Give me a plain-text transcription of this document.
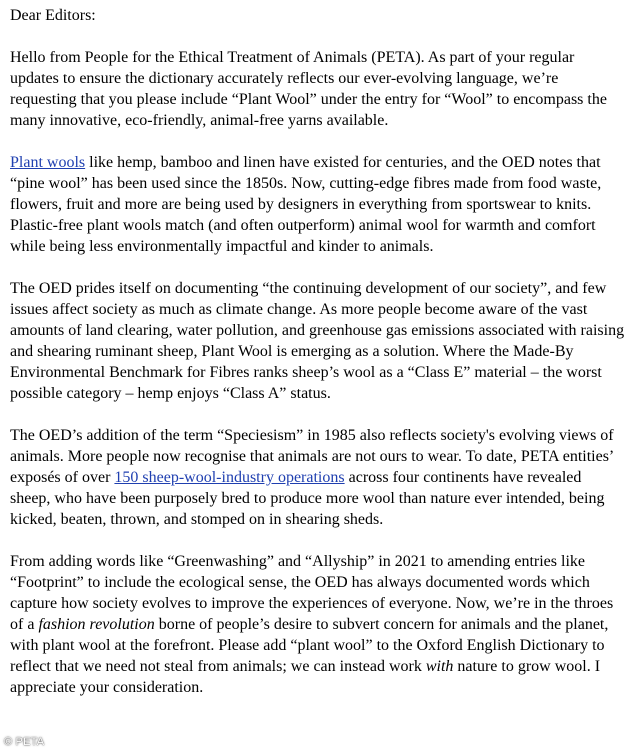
Dear Editors:

Hello from People for the Ethical Treatment of Animals (PETA). As part of your regular updates to ensure the dictionary accurately reflects our ever-evolving language, we’re requesting that you please include “Plant Wool” under the entry for “Wool” to encompass the many innovative, eco-friendly, animal-free yarns available.

Plant wools like hemp, bamboo and linen have existed for centuries, and the OED notes that “pine wool” has been used since the 1850s. Now, cutting-edge fibres made from food waste, flowers, fruit and more are being used by designers in everything from sportswear to knits. Plastic-free plant wools match (and often outperform) animal wool for warmth and comfort while being less environmentally impactful and kinder to animals.

The OED prides itself on documenting “the continuing development of our society”, and few issues affect society as much as climate change. As more people become aware of the vast amounts of land clearing, water pollution, and greenhouse gas emissions associated with raising and shearing ruminant sheep, Plant Wool is emerging as a solution. Where the Made-By Environmental Benchmark for Fibres ranks sheep’s wool as a “Class E” material – the worst possible category – hemp enjoys “Class A” status.

The OED’s addition of the term “Speciesism” in 1985 also reflects society's evolving views of animals. More people now recognise that animals are not ours to wear. To date, PETA entities’ exposés of over 150 sheep-wool-industry operations across four continents have revealed sheep, who have been purposely bred to produce more wool than nature ever intended, being kicked, beaten, thrown, and stomped on in shearing sheds.

From adding words like “Greenwashing” and “Allyship” in 2021 to amending entries like “Footprint” to include the ecological sense, the OED has always documented words which capture how society evolves to improve the experiences of everyone. Now, we’re in the throes of a fashion revolution borne of people’s desire to subvert concern for animals and the planet, with plant wool at the forefront. Please add “plant wool” to the Oxford English Dictionary to reflect that we need not steal from animals; we can instead work with nature to grow wool. I appreciate your consideration.

© PETA
